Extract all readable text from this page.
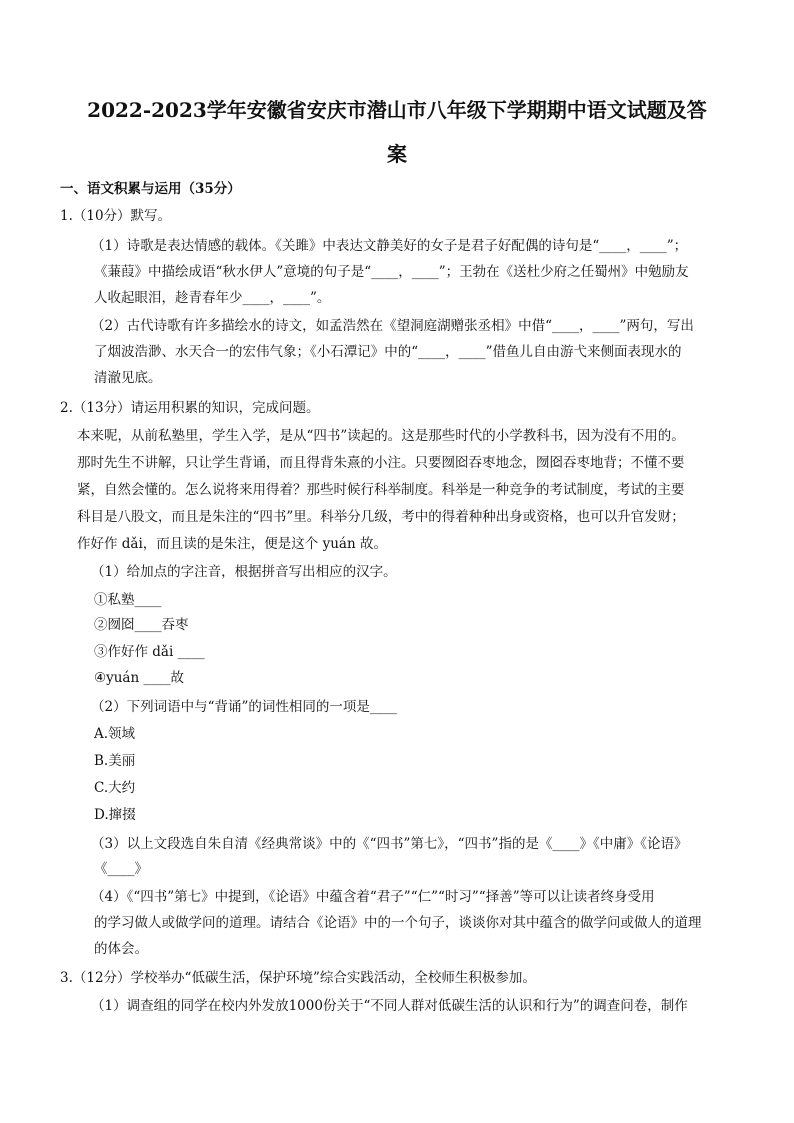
2022-2023学年安徽省安庆市潜山市八年级下学期期中语文试题及答
案
一、语文积累与运用（35分）
1.（10分）默写。
（1）诗歌是表达情感的载体。《关雎》中表达文静美好的女子是君子好配偶的诗句是“____，____”；
《蒹葭》中描绘成语“秋水伊人”意境的句子是“____，____”；王勃在《送杜少府之任蜀州》中勉励友
人收起眼泪，趁青春年少____，____”。
（2）古代诗歌有许多描绘水的诗文，如孟浩然在《望洞庭湖赠张丞相》中借“____，____”两句，写出
了烟波浩渺、水天合一的宏伟气象；《小石潭记》中的“____，____”借鱼儿自由游弋来侧面表现水的
清澈见底。
2.（13分）请运用积累的知识，完成问题。
本来呢，从前私塾里，学生入学，是从“四书”读起的。这是那些时代的小学教科书，因为没有不用的。
那时先生不讲解，只让学生背诵，而且得背朱熹的小注。只要囫囵吞枣地念，囫囵吞枣地背；不懂不要
紧，自然会懂的。怎么说将来用得着？那些时候行科举制度。科举是一种竞争的考试制度，考试的主要
科目是八股文，而且是朱注的“四书”里。科举分几级，考中的得着种种出身或资格，也可以升官发财；
作好作 dǎi，而且读的是朱注，便是这个 yuán 故。
（1）给加点的字注音，根据拼音写出相应的汉字。
①私塾____
②囫囵____吞枣
③作好作 dǎi ____
④yuán ____故
（2）下列词语中与“背诵”的词性相同的一项是____
A.领域
B.美丽
C.大约
D.撺掇
（3）以上文段选自朱自清《经典常谈》中的《“四书”第七》，“四书”指的是《____》《中庸》《论语》
《____》
（4）《“四书”第七》中提到，《论语》中蕴含着“君子”“仁”“时习”“择善”等可以让读者终身受用
的学习做人或做学问的道理。请结合《论语》中的一个句子，谈谈你对其中蕴含的做学问或做人的道理
的体会。
3.（12分）学校举办“低碳生活，保护环境”综合实践活动，全校师生积极参加。
（1）调查组的同学在校内外发放1000份关于“不同人群对低碳生活的认识和行为”的调查问卷，制作
